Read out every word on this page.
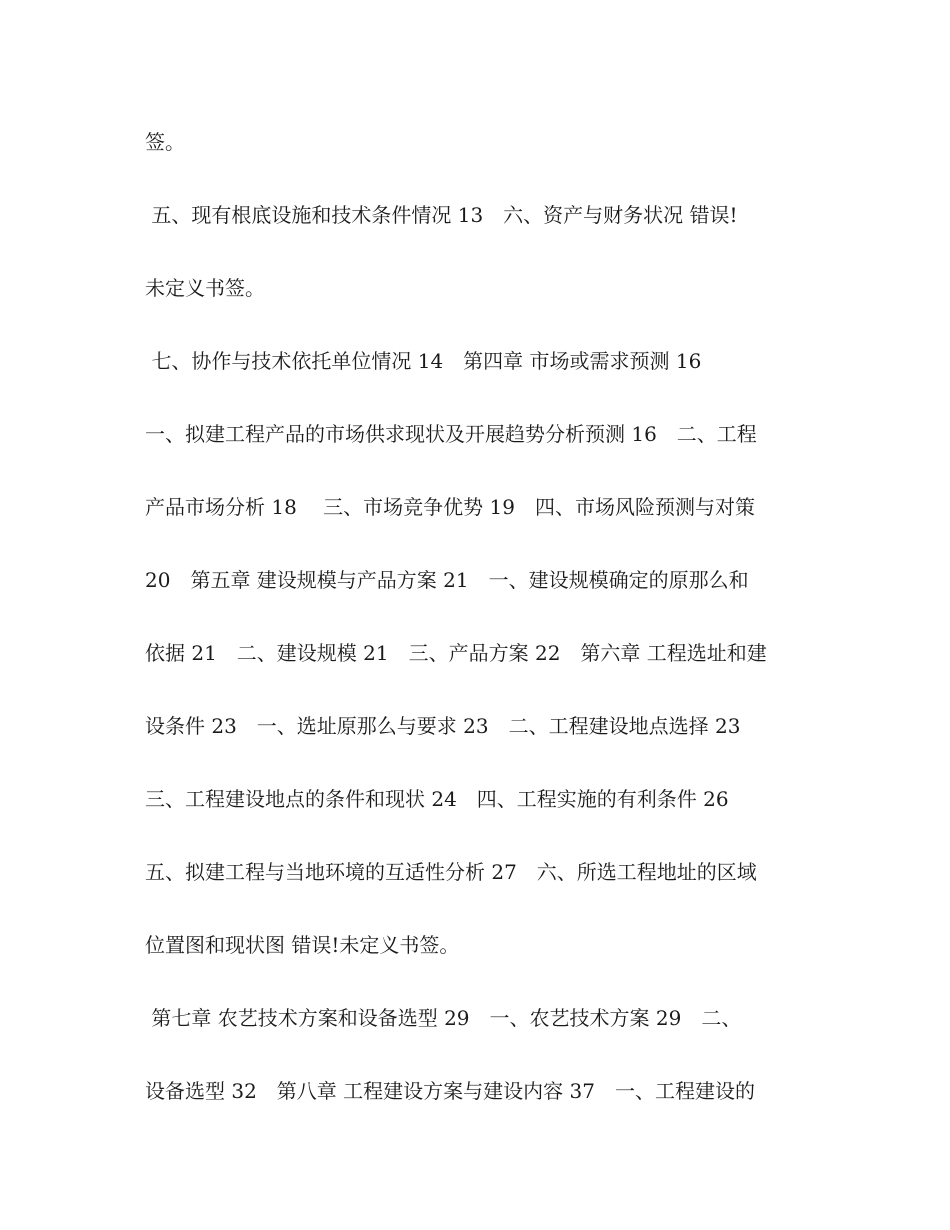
签。
五、现有根底设施和技术条件情况 13　六、资产与财务状况 错误!
未定义书签。
七、协作与技术依托单位情况 14　第四章 市场或需求预测 16
一、拟建工程产品的市场供求现状及开展趋势分析预测 16　二、工程
产品市场分析 18　 三、市场竞争优势 19　四、市场风险预测与对策
20　第五章 建设规模与产品方案 21　一、建设规模确定的原那么和
依据 21　二、建设规模 21　三、产品方案 22　第六章 工程选址和建
设条件 23　一、选址原那么与要求 23　二、工程建设地点选择 23
三、工程建设地点的条件和现状 24　四、工程实施的有利条件 26
五、拟建工程与当地环境的互适性分析 27　六、所选工程地址的区域
位置图和现状图 错误!未定义书签。
第七章 农艺技术方案和设备选型 29　一、农艺技术方案 29　二、
设备选型 32　第八章 工程建设方案与建设内容 37　一、工程建设的
